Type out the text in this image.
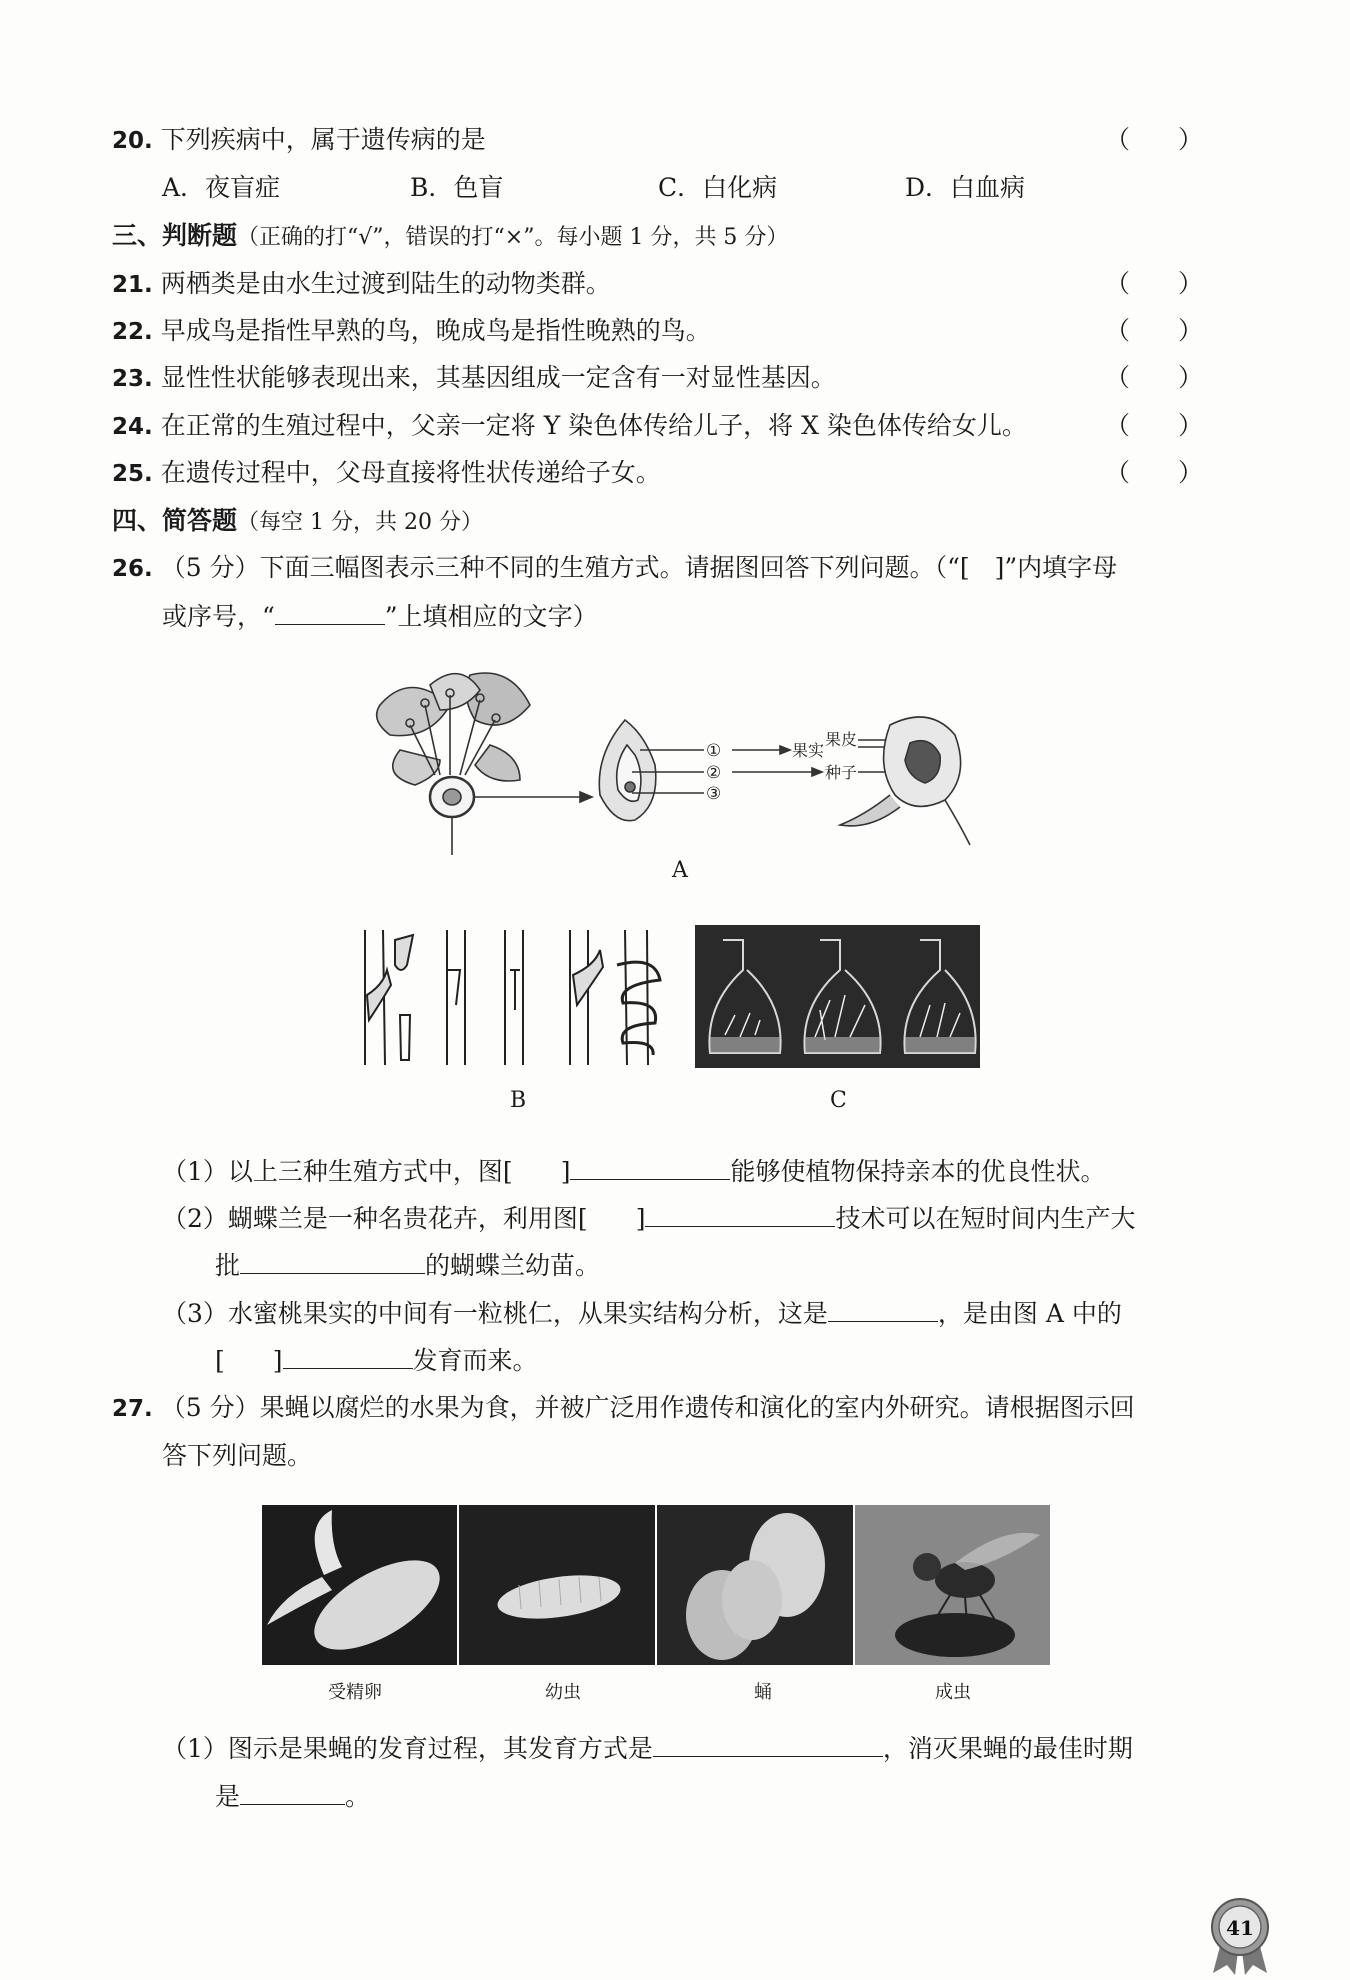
20. 下列疾病中，属于遗传病的是	（ ）
A．夜盲症	B．色盲	C．白化病	D．白血病
三、判断题（正确的打“√”，错误的打“×”。每小题 1 分，共 5 分）
21. 两栖类是由水生过渡到陆生的动物类群。	（ ）
22. 早成鸟是指性早熟的鸟，晚成鸟是指性晚熟的鸟。	（ ）
23. 显性性状能够表现出来，其基因组成一定含有一对显性基因。	（ ）
24. 在正常的生殖过程中，父亲一定将 Y 染色体传给儿子，将 X 染色体传给女儿。	（ ）
25. 在遗传过程中，父母直接将性状传递给子女。	（ ）
四、简答题（每空 1 分，共 20 分）
26. （5 分）下面三幅图表示三种不同的生殖方式。请据图回答下列问题。（“[　]”内填字母
或序号，“	”上填相应的文字）
①
②
③
果实
果皮
种子
A
B	C
（1）以上三种生殖方式中，图[ ]	能够使植物保持亲本的优良性状。
（2）蝴蝶兰是一种名贵花卉，利用图[ ]	技术可以在短时间内生产大
批	的蝴蝶兰幼苗。
（3）水蜜桃果实的中间有一粒桃仁，从果实结构分析，这是	，是由图 A 中的
[ ]	发育而来。
27. （5 分）果蝇以腐烂的水果为食，并被广泛用作遗传和演化的室内外研究。请根据图示回
答下列问题。
受精卵	幼虫	蛹	成虫
（1）图示是果蝇的发育过程，其发育方式是	，消灭果蝇的最佳时期
是	。
41
